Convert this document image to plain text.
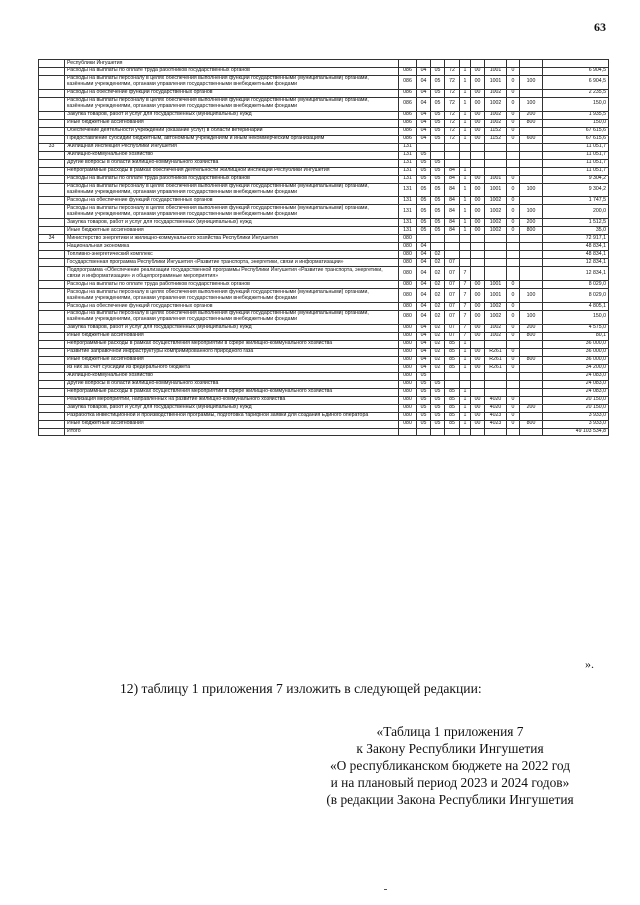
63
	Республики Ингушетия										
	Расходы на выплаты по оплате труда работников государственных органов	086	04	05	72	1	00	1001	0		6 904,5
	Расходы на выплаты персоналу в целях обеспечения выполнения функций государственными (муниципальными) органами, казёнными учреждениями, органами управления государственными внебюджетными фондами	086	04	05	72	1	00	1001	0	100	6 904,5
	Расходы на обеспечение функций государственных органов	086	04	05	72	1	00	1002	0		2 235,5
	Расходы на выплаты персоналу в целях обеспечения выполнения функций государственными (муниципальными) органами, казёнными учреждениями, органами управления государственными внебюджетными фондами	086	04	05	72	1	00	1002	0	100	150,0
	Закупка товаров, работ и услуг для государственных (муниципальных) нужд	086	04	05	72	1	00	1002	0	200	1 935,5
	Иные бюджетные ассигнования	086	04	05	72	1	00	1002	0	800	150,0
	Обеспечение деятельности учреждений (оказание услуг) в области ветеринарии	086	04	05	72	1	00	1152	0		67 615,6
	Предоставление субсидий бюджетным, автономным учреждениям и иным некоммерческим организациям	086	04	05	72	1	00	1152	0	600	67 615,6
33	Жилищная инспекция Республики Ингушетия	131									11 051,7
	Жилищно-коммунальное хозяйство	131	05								11 051,7
	Другие вопросы в области жилищно-коммунального хозяйства	131	05	05							11 051,7
	Непрограммные расходы в рамках обеспечения деятельности Жилищной инспекции Республики Ингушетия	131	05	05	84	1					11 051,7
	Расходы на выплаты по оплате труда работников государственных органов	131	05	05	84	1	00	1001	0		9 304,2
	Расходы на выплаты персоналу в целях обеспечения выполнения функций государственными (муниципальными) органами, казёнными учреждениями, органами управления государственными внебюджетными фондами	131	05	05	84	1	00	1001	0	100	9 304,2
	Расходы на обеспечение функций государственных органов	131	05	05	84	1	00	1002	0		1 747,5
	Расходы на выплаты персоналу в целях обеспечения выполнения функций государственными (муниципальными) органами, казёнными учреждениями, органами управления государственными внебюджетными фондами	131	05	05	84	1	00	1002	0	100	200,0
	Закупка товаров, работ и услуг для государственных (муниципальных) нужд	131	05	05	84	1	00	1002	0	200	1 512,5
	Иные бюджетные ассигнования	131	05	05	84	1	00	1002	0	800	35,0
34	Министерство энергетики и жилищно-коммунального хозяйства Республики Ингушетия	080									72 917,1
	Национальная экономика	080	04								48 834,1
	Топливно-энергетический комплекс	080	04	02							48 834,1
	Государственная программа Республики Ингушетия «Развитие транспорта, энергетики, связи и информатизации»	080	04	02	07						12 834,1
	Подпрограмма «Обеспечение реализации государственной программы Республики Ингушетия «Развитие транспорта, энергетики, связи и информатизации» и общепрограммные мероприятия»	080	04	02	07	7					12 834,1
	Расходы на выплаты по оплате труда работников государственных органов	080	04	02	07	7	00	1001	0		8 029,0
	Расходы на выплаты персоналу в целях обеспечения выполнения функций государственными (муниципальными) органами, казёнными учреждениями, органами управления государственными внебюджетными фондами	080	04	02	07	7	00	1001	0	100	8 029,0
	Расходы на обеспечение функций государственных органов	080	04	02	07	7	00	1002	0		4 805,1
	Расходы на выплаты персоналу в целях обеспечения выполнения функций государственными (муниципальными) органами, казёнными учреждениями, органами управления государственными внебюджетными фондами	080	04	02	07	7	00	1002	0	100	150,0
	Закупка товаров, работ и услуг для государственных (муниципальных) нужд	080	04	02	07	7	00	1002	0	200	4 575,0
	Иные бюджетные ассигнования	080	04	02	07	7	00	1002	0	800	80,1
	Непрограммные расходы в рамках осуществления мероприятий в сфере жилищно-коммунального хозяйства	080	04	02	85	1					36 000,0
	Развитие заправочной инфраструктуры компримированного природного газа	080	04	02	85	1	00	R261	0		36 000,0
	Иные бюджетные ассигнования	080	04	02	85	1	00	R261	0	800	36 000,0
	из них за счет субсидии из федерального бюджета	080	04	02	85	1	00	R261	0		34 200,0
	Жилищно-коммунальное хозяйство	080	05								24 083,0
	Другие вопросы в области жилищно-коммунального хозяйства	080	05	05							24 083,0
	Непрограммные расходы в рамках осуществления мероприятий в сфере жилищно-коммунального хозяйства	080	05	05	85	1					24 083,0
	Реализация мероприятий, направленных на развитие жилищно-коммунального хозяйства	080	05	05	85	1	00	4020	0		20 150,0
	Закупка товаров, работ и услуг для государственных (муниципальных) нужд	080	05	05	85	1	00	4020	0	200	20 150,0
	Разработка инвестиционной и производственной программы, подготовка тарифной заявки для создания Единого оператора	080	05	05	85	1	00	4023	0		3 933,0
	Иные бюджетные ассигнования	080	05	05	85	1	00	4023	0	800	3 933,0
	Итого										49 103 534,8
».
12) таблицу 1 приложения 7 изложить в следующей редакции:
«Таблица 1 приложения 7
к Закону Республики Ингушетия
«О республиканском бюджете на 2022 год
и на плановый период 2023 и 2024 годов»
(в редакции Закона Республики Ингушетия
